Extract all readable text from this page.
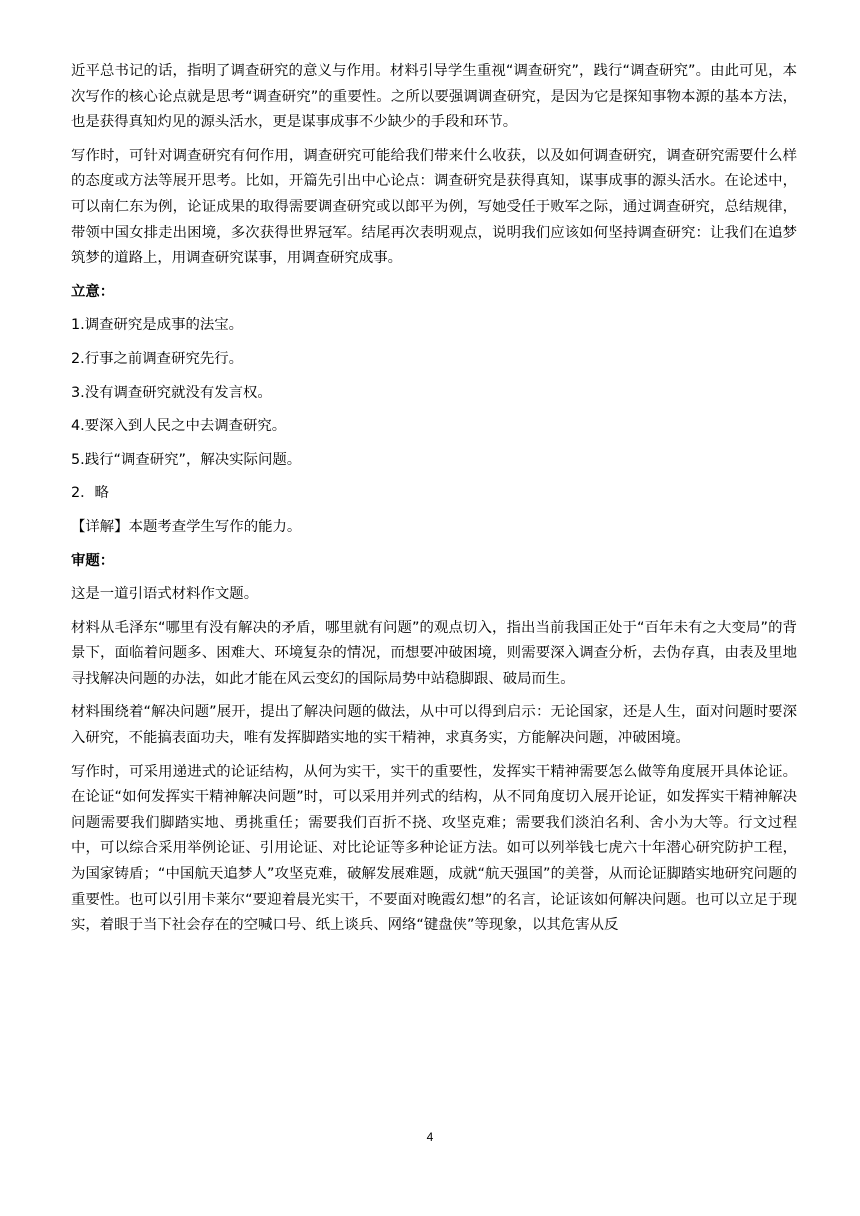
近平总书记的话，指明了调查研究的意义与作用。材料引导学生重视“调查研究”，践行“调查研究”。由此可见，本次写作的核心论点就是思考“调查研究”的重要性。之所以要强调调查研究，是因为它是探知事物本源的基本方法，也是获得真知灼见的源头活水，更是谋事成事不少缺少的手段和环节。

写作时，可针对调查研究有何作用，调查研究可能给我们带来什么收获，以及如何调查研究，调查研究需要什么样的态度或方法等展开思考。比如，开篇先引出中心论点：调查研究是获得真知，谋事成事的源头活水。在论述中，可以南仁东为例，论证成果的取得需要调查研究或以郎平为例，写她受任于败军之际，通过调查研究，总结规律，带领中国女排走出困境，多次获得世界冠军。结尾再次表明观点，说明我们应该如何坚持调查研究：让我们在追梦筑梦的道路上，用调查研究谋事，用调查研究成事。

立意：

1.调查研究是成事的法宝。

2.行事之前调查研究先行。

3.没有调查研究就没有发言权。

4.要深入到人民之中去调查研究。

5.践行“调查研究”，解决实际问题。

2．略

【详解】本题考查学生写作的能力。

审题：

这是一道引语式材料作文题。

材料从毛泽东“哪里有没有解决的矛盾，哪里就有问题”的观点切入，指出当前我国正处于“百年未有之大变局”的背景下，面临着问题多、困难大、环境复杂的情况，而想要冲破困境，则需要深入调查分析，去伪存真，由表及里地寻找解决问题的办法，如此才能在风云变幻的国际局势中站稳脚跟、破局而生。

材料围绕着“解决问题”展开，提出了解决问题的做法，从中可以得到启示：无论国家，还是人生，面对问题时要深入研究，不能搞表面功夫，唯有发挥脚踏实地的实干精神，求真务实，方能解决问题，冲破困境。

写作时，可采用递进式的论证结构，从何为实干，实干的重要性，发挥实干精神需要怎么做等角度展开具体论证。在论证“如何发挥实干精神解决问题”时，可以采用并列式的结构，从不同角度切入展开论证，如发挥实干精神解决问题需要我们脚踏实地、勇挑重任；需要我们百折不挠、攻坚克难；需要我们淡泊名利、舍小为大等。行文过程中，可以综合采用举例论证、引用论证、对比论证等多种论证方法。如可以列举钱七虎六十年潜心研究防护工程，为国家铸盾；“中国航天追梦人”攻坚克难，破解发展难题，成就“航天强国”的美誉，从而论证脚踏实地研究问题的重要性。也可以引用卡莱尔“要迎着晨光实干，不要面对晚霞幻想”的名言，论证该如何解决问题。也可以立足于现实，着眼于当下社会存在的空喊口号、纸上谈兵、网络“键盘侠”等现象，以其危害从反

4
